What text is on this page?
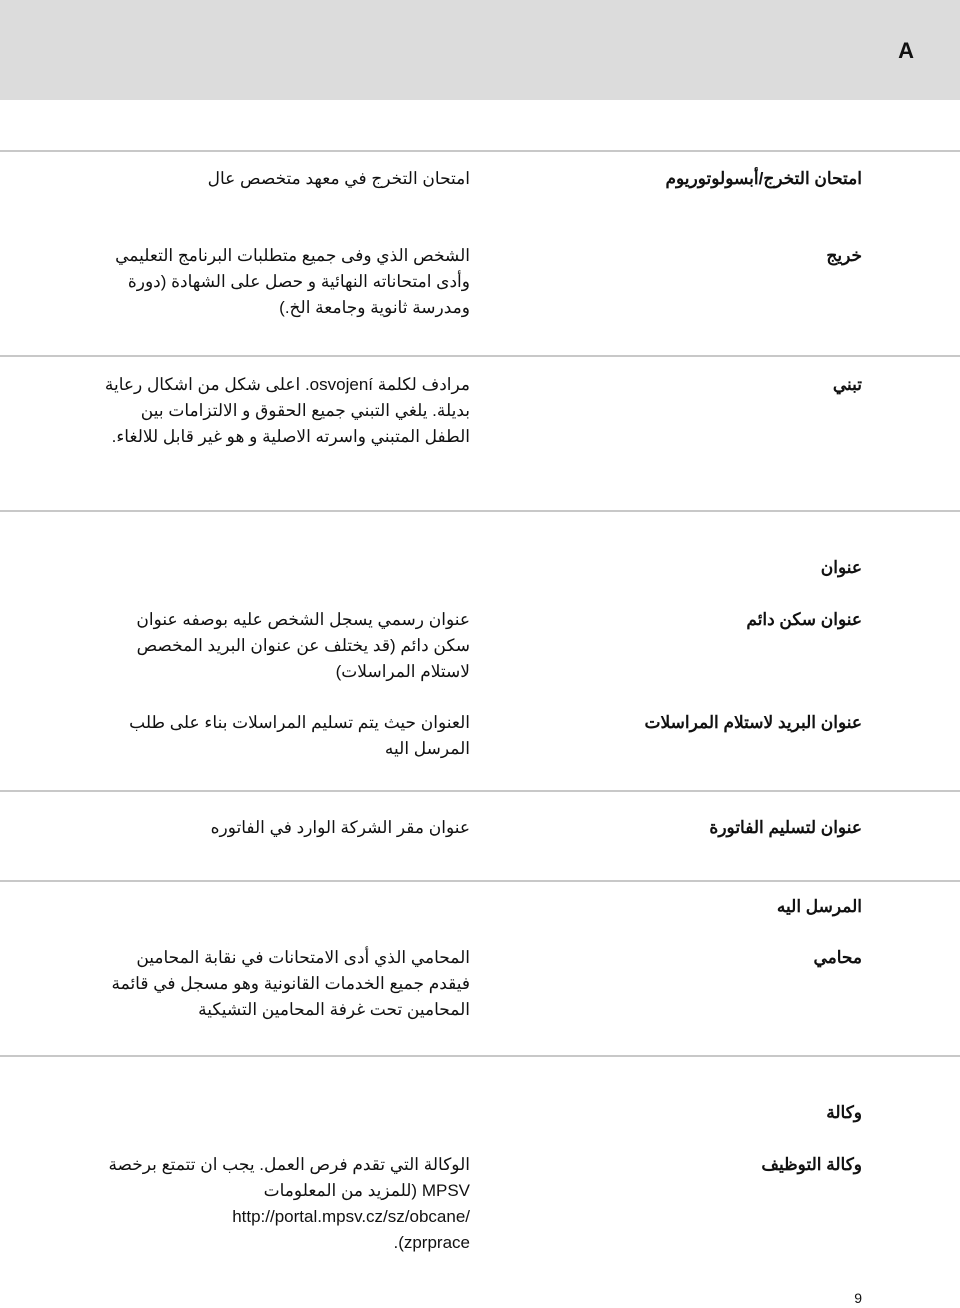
A
امتحان التخرج/أبسولوتوريوم
امتحان التخرج في معهد متخصص عال
خريج
الشخص الذي وفى جميع متطلبات البرنامج التعليمي وأدى امتحاناته النهائية و حصل على الشهادة (دورة ومدرسة ثانوية وجامعة الخ.)
تبني
مرادف لكلمة osvojení. اعلى شكل من اشكال رعاية بديلة. يلغي التبني جميع الحقوق و الالتزامات بين الطفل المتبني واسرته الاصلية و هو غير قابل للالغاء.
عنوان
عنوان سكن دائم
عنوان رسمي يسجل الشخص عليه بوصفه عنوان سكن دائم (قد يختلف عن عنوان البريد المخصص لاستلام المراسلات)
عنوان البريد لاستلام المراسلات
العنوان حيث يتم تسليم المراسلات بناء على طلب المرسل اليه
عنوان لتسليم الفاتورة
عنوان مقر الشركة الوارد في الفاتوره
المرسل اليه
محامي
المحامي الذي أدى الامتحانات في نقابة المحامين فيقدم جميع الخدمات القانونية وهو مسجل في قائمة المحامين تحت غرفة المحامين التشيكية
وكالة
وكالة التوظيف
الوكالة التي تقدم فرص العمل. يجب ان تتمتع برخصة
MPSV (للمزيد من المعلومات
http://portal.mpsv.cz/sz/obcane/
.(zprprace
9
